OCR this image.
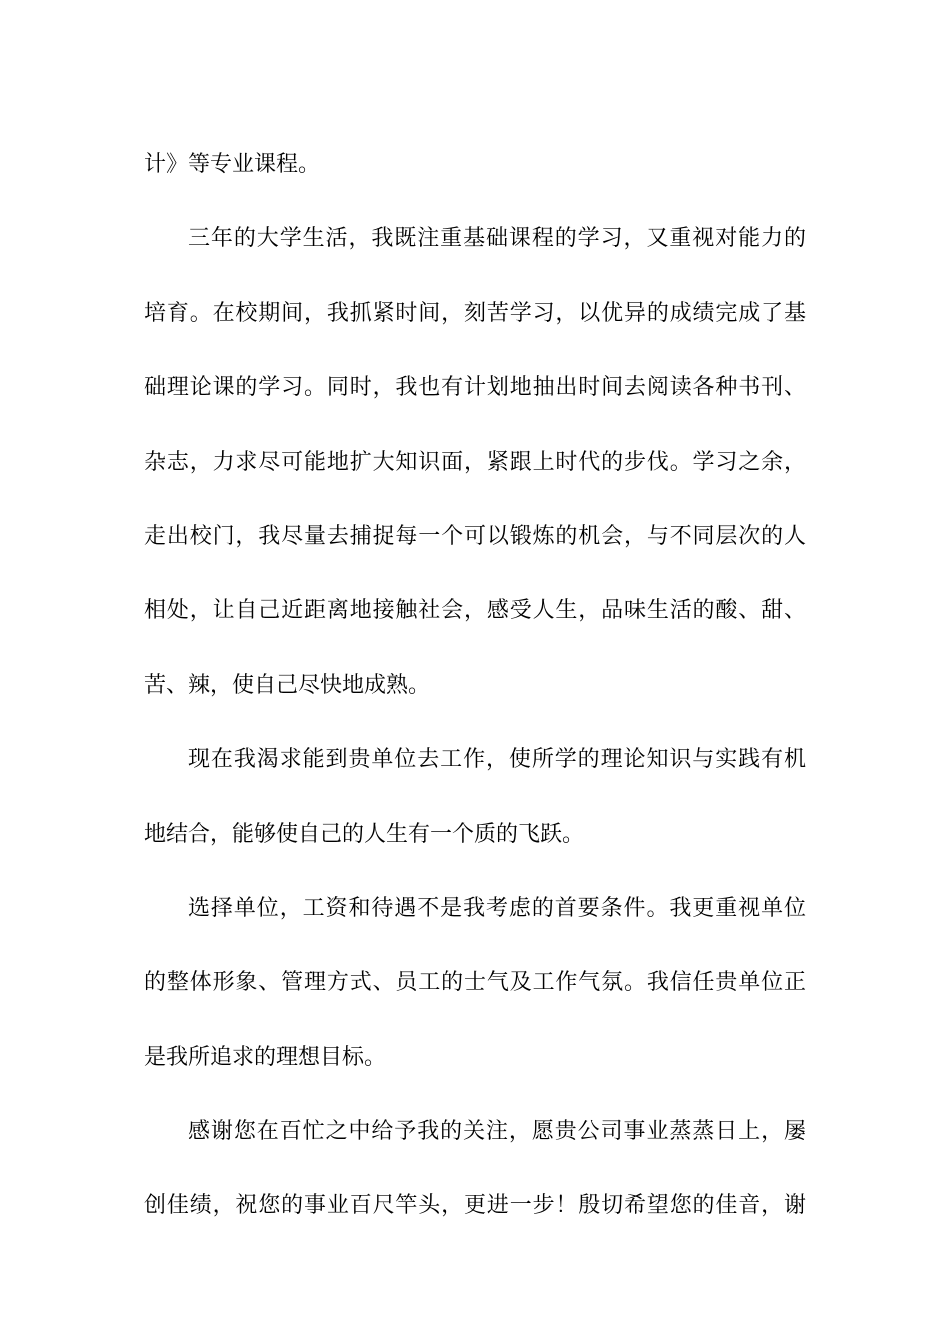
计》等专业课程。
三年的大学生活，我既注重基础课程的学习，又重视对能力的
培育。在校期间，我抓紧时间，刻苦学习，以优异的成绩完成了基
础理论课的学习。同时，我也有计划地抽出时间去阅读各种书刊、
杂志，力求尽可能地扩大知识面，紧跟上时代的步伐。学习之余，
走出校门，我尽量去捕捉每一个可以锻炼的机会，与不同层次的人
相处，让自己近距离地接触社会，感受人生，品味生活的酸、甜、
苦、辣，使自己尽快地成熟。
现在我渴求能到贵单位去工作，使所学的理论知识与实践有机
地结合，能够使自己的人生有一个质的飞跃。
选择单位，工资和待遇不是我考虑的首要条件。我更重视单位
的整体形象、管理方式、员工的士气及工作气氛。我信任贵单位正
是我所追求的理想目标。
感谢您在百忙之中给予我的关注，愿贵公司事业蒸蒸日上，屡
创佳绩，祝您的事业百尺竿头，更进一步！殷切希望您的佳音，谢
